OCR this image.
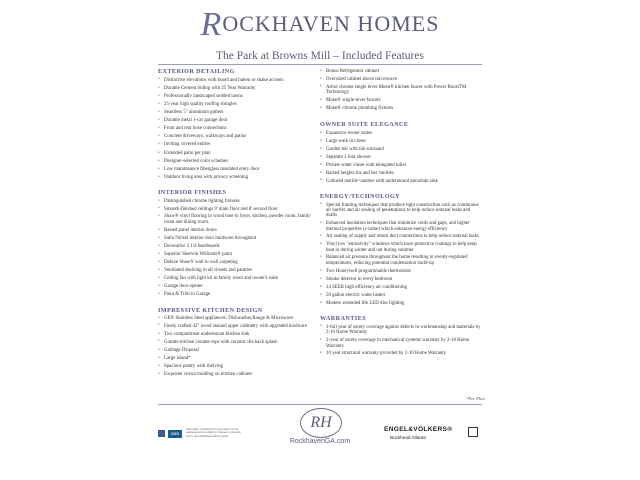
ROCKHAVEN HOMES
The Park at Browns Mill – Included Features
EXTERIOR DETAILING
• Distinctive elevations with board and batten or shake accents
• Durable Cement Siding with 25 Year Warranty
• Professionally landscaped sodded lawns
• 25-year high quality roofing shingles
• Seamless 5" aluminum gutters
• Durable metal 1-car garage door
• Front and rear hose connections
• Concrete driveways, walkways and patios
• Inviting covered entries
• Extended patio per plan
• Designer-selected color schemes
• Low maintenance fiberglass insulated entry door
• Outdoor living area with privacy screening
INTERIOR FINISHES
• Distinguished chrome lighting fixtures
• Smooth-finished ceilings 9' main floor and 8' second floor
• Shaw® vinyl flooring in wood tone in foyer, kitchen, powder room, family room and dining room.
• Raised panel interior doors
• Satin Nickel interior door hardware throughout
• Decorative 3 1/4 baseboards
• Superior Sherwin Williams® paint
• Deluxe Shaw® wall to wall carpeting
• Ventilated shelving in all closets and pantries
• Ceiling fan with light kit in family room and owner's suite
• Garage door opener
• Paint & Trim in Garage
IMPRESSIVE KITCHEN DESIGN
• GE® Stainless Steel appliances: Dishwasher,Range & Microwave
• Finely crafted 42" wood stained upper cabinetry with upgraded hardware
• Two compartment undermount kitchen sink
• Granite kitchen counter tops with ceramic tile back splash
• Garbage Disposal
• Large island*
• Spacious pantry with shelving
• Exquisite crown molding on kitchen cabinets
• Bonus Refrigerator cabinet
• Oversized cabinet above microwave
• Arbor chrome single lever Moen® kitchen faucet with Power BoostTM Technology
• Moen® single-lever faucets
• Moen® chrome plumbing fixtures
OWNER SUITE ELEGANCE
• Expansive owner suites
• Large walk in closet
• Garden tub with tile surround
• Separate 3 foot shower
• Private water closet with elongated toilet
• Raised heights his and her vanities
• Cultured marble vanities with undermount porcelain sink
ENERGY/TECHNOLOGY
• Special framing techniques that produce tight construction such as continuous air barrier and air sealing of penetrations to help reduce internal leaks and drafts
• Enhanced insulation techniques that minimize voids and gaps, and higher thermal properties (r-value) which enhances energy efficiency
• Air sealing of supply and return duct connections to help reduce internal leaks
• Vinyl low "emissivity" windows which have protective coatings to help keep heat in during winter and out during summer
• Balanced air pressure throughout the home resulting in evenly-regulated temperatures, reducing potential condensation build-up
• Two Honeywell programmable thermostats
• Smoke detector in every bedroom
• 14 SEER high efficiency air conditioning
• 50 gallon electric water heater
• Modern extended life LED disc lighting
WARRANTIES
• 1-full year of surety coverage against defects in workmanship and materials by 2-10 Home Warranty
• 2-year of surety coverage in mechanical systems warranty by 2-10 Home Warranty
• 10 year structural warranty provided by 2-10 Home Warranty
*Per Plan
BBB
Information is believed to be accurate, but not warranted and is subject to changes, omissions, errors, and withdrawal without notice.
RH
RockhavenGA.com
ENGEL&VÖLKERS®
Buckhead Atlanta
